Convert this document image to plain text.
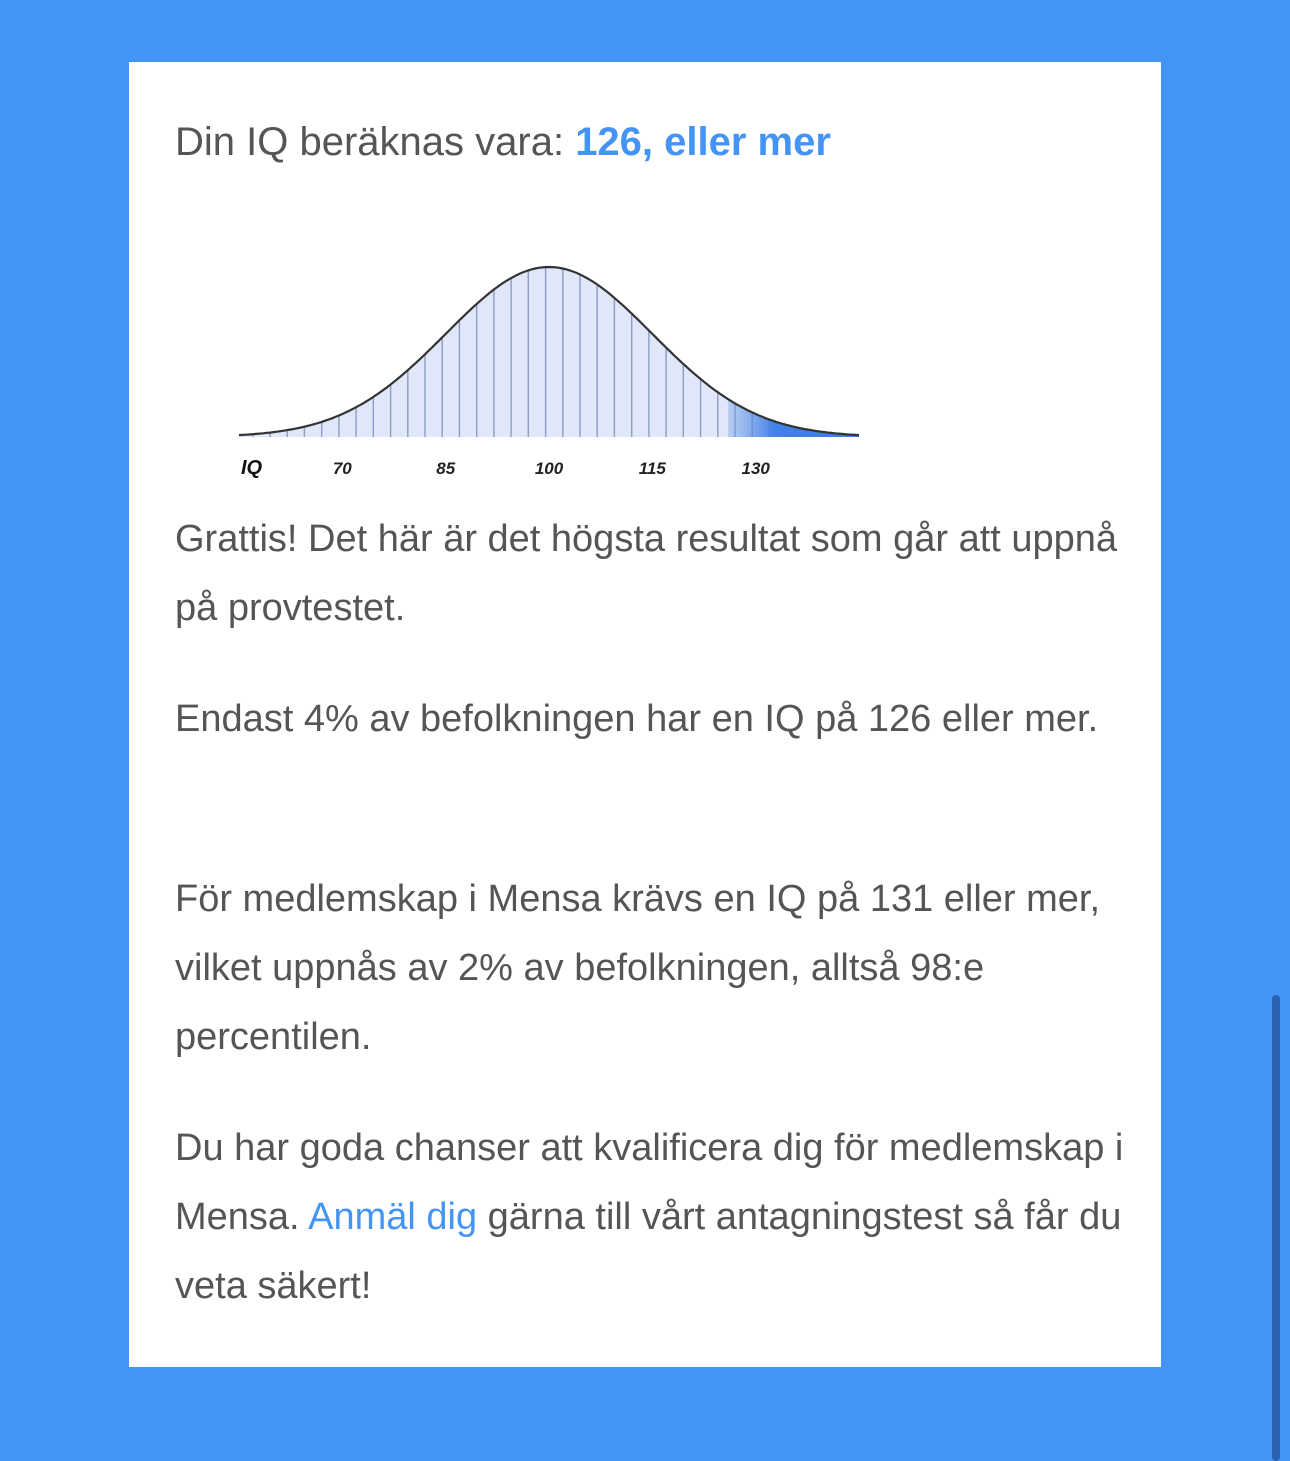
Din IQ beräknas vara: 126, eller mer
IQ	70	85	100	115	130

Grattis! Det här är det högsta resultat som går att uppnå på provtestet.

Endast 4% av befolkningen har en IQ på 126 eller mer.

För medlemskap i Mensa krävs en IQ på 131 eller mer, vilket uppnås av 2% av befolkningen, alltså 98:e percentilen.

Du har goda chanser att kvalificera dig för medlemskap i Mensa. Anmäl dig gärna till vårt antagningstest så får du veta säkert!
